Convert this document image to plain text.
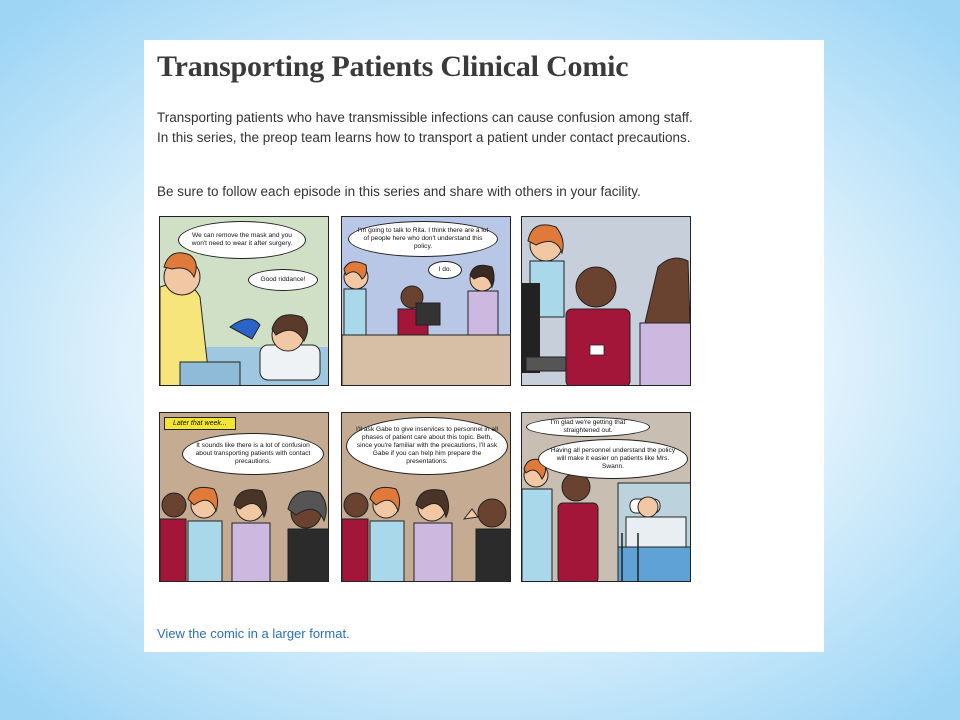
Transporting Patients Clinical Comic

Transporting patients who have transmissible infections can cause confusion among staff. In this series, the preop team learns how to transport a patient under contact precautions.

Be sure to follow each episode in this series and share with others in your facility.

We can remove the mask and you won't need to wear it after surgery.
Good riddance!
I'm going to talk to Rita. I think there are a lot of people here who don't understand this policy.
I do.
Later that week...
It sounds like there is a lot of confusion about transporting patients with contact precautions.
I'll ask Gabe to give inservices to personnel in all phases of patient care about this topic. Beth, since you're familiar with the precautions, I'll ask Gabe if you can help him prepare the presentations.
I'm glad we're getting that straightened out.
Having all personnel understand the policy will make it easier on patients like Mrs. Swann.
View the comic in a larger format.
